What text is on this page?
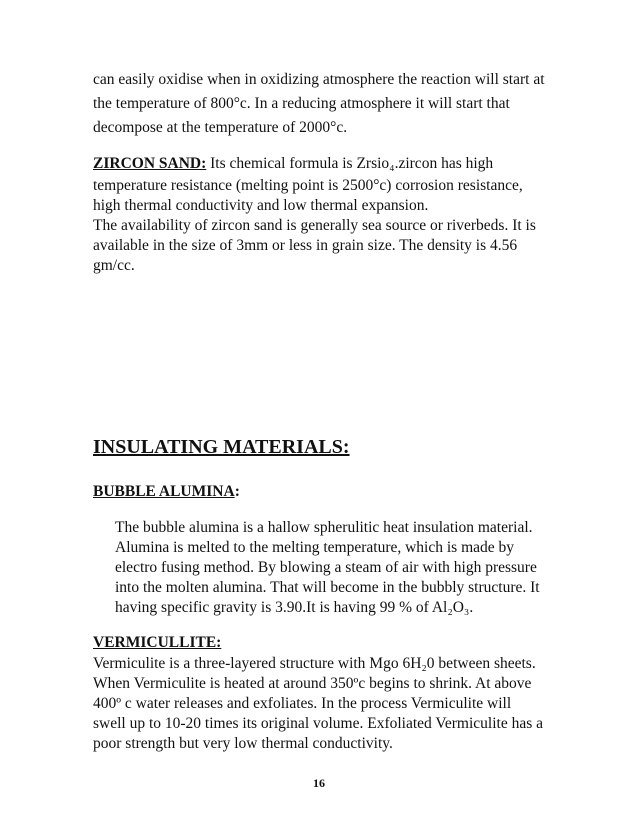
can easily oxidise when in oxidizing atmosphere the reaction will start at
the temperature of 800°c. In a reducing atmosphere it will start that
decompose at the temperature of 2000°c.
ZIRCON SAND: Its chemical formula is Zrsio₄.zircon has high
temperature resistance (melting point is 2500°c) corrosion resistance,
high thermal conductivity and low thermal expansion.
The availability of zircon sand is generally sea source or riverbeds. It is
available in the size of 3mm or less in grain size. The density is 4.56
gm/cc.
INSULATING MATERIALS:
BUBBLE ALUMINA:
The bubble alumina is a hallow spherulitic heat insulation material.
Alumina is melted to the melting temperature, which is made by
electro fusing method. By blowing a steam of air with high pressure
into the molten alumina. That will become in the bubbly structure. It
having specific gravity is 3.90.It is having 99 % of Al₂O₃.
VERMICULLITE:
Vermiculite is a three-layered structure with Mgo 6H₂0 between sheets.
When Vermiculite is heated at around 350ºc begins to shrink. At above
400º c water releases and exfoliates. In the process Vermiculite will
swell up to 10-20 times its original volume. Exfoliated Vermiculite has a
poor strength but very low thermal conductivity.
16
